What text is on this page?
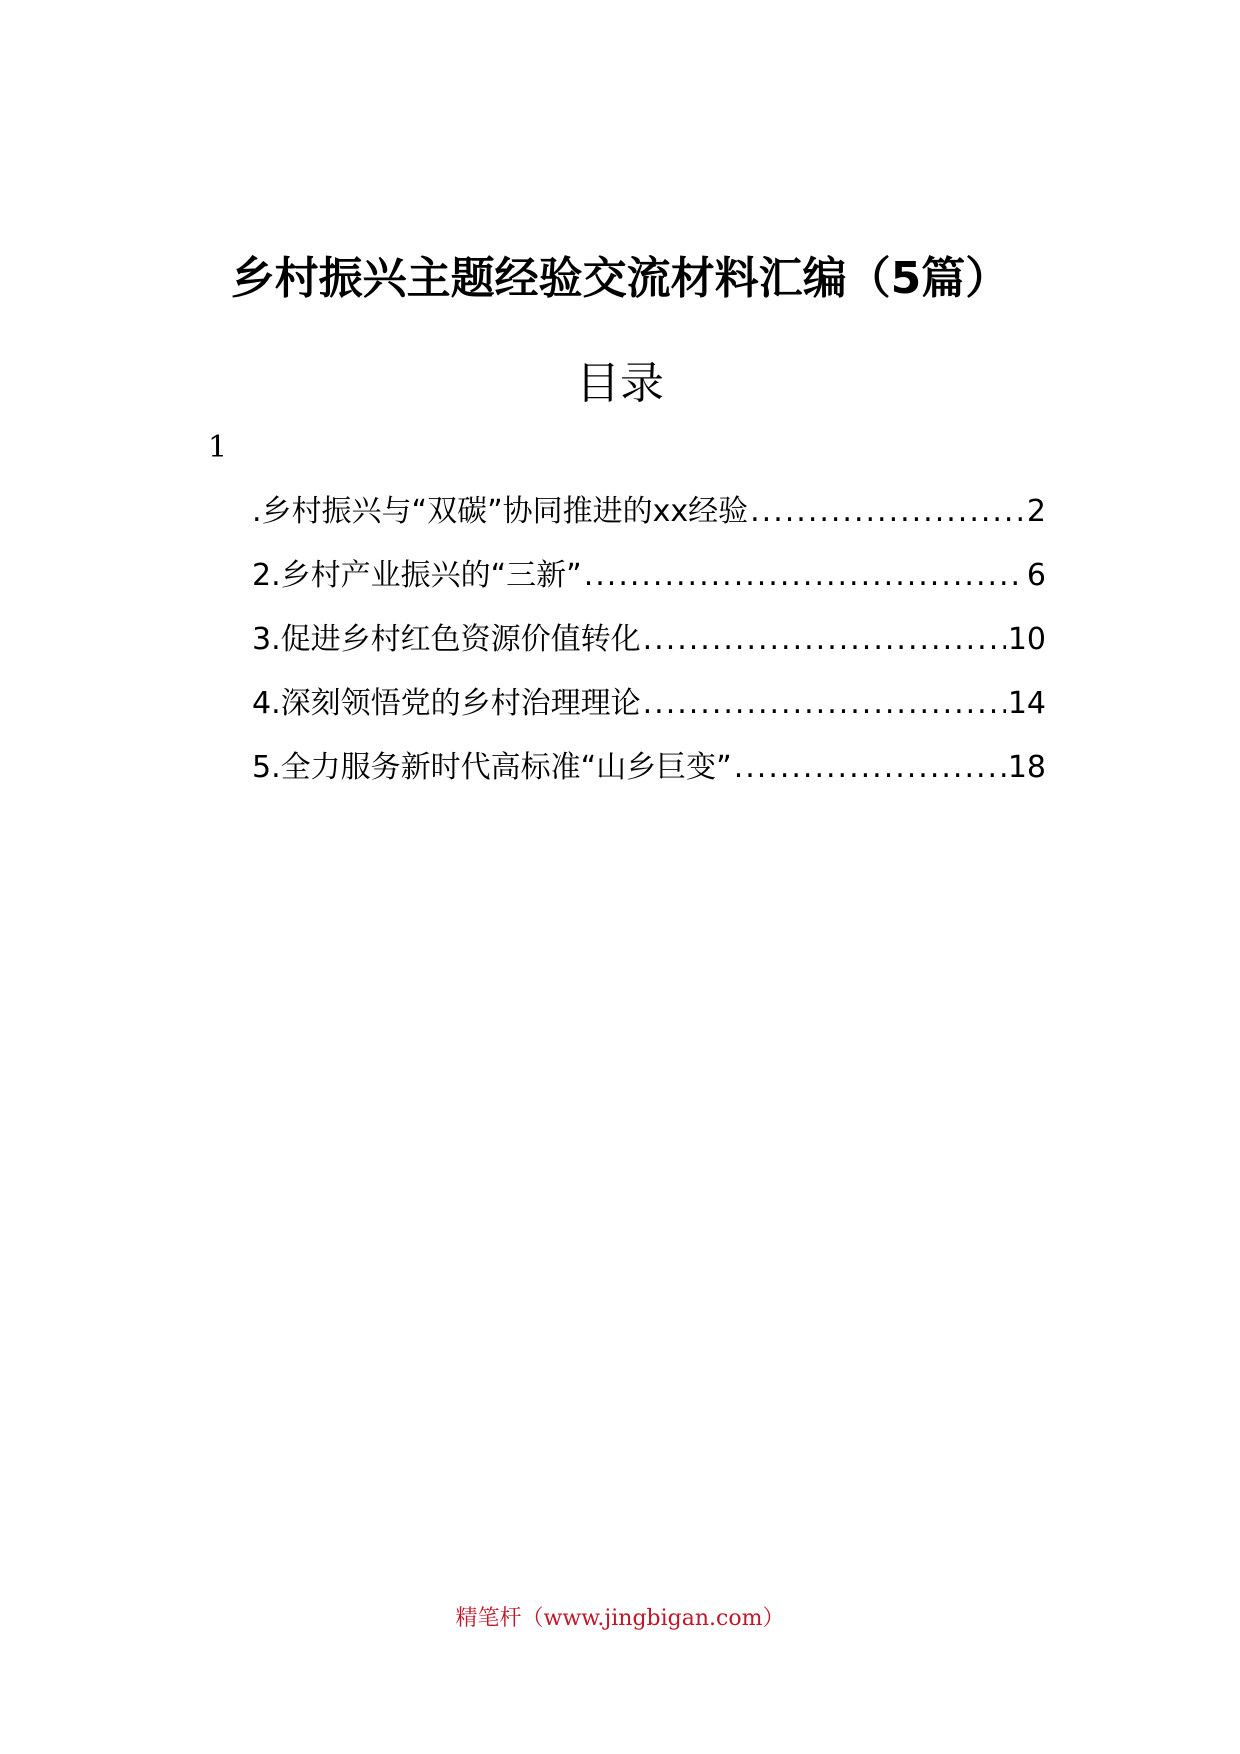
乡村振兴主题经验交流材料汇编（5篇）
目录
1
.乡村振兴与“双碳”协同推进的xx经验 .....	2
2.乡村产业振兴的“三新” .....	6
3.促进乡村红色资源价值转化 .....	10
4.深刻领悟党的乡村治理理论 .....	14
5.全力服务新时代高标准“山乡巨变” .....	18
精笔杆（www.jingbigan.com）
